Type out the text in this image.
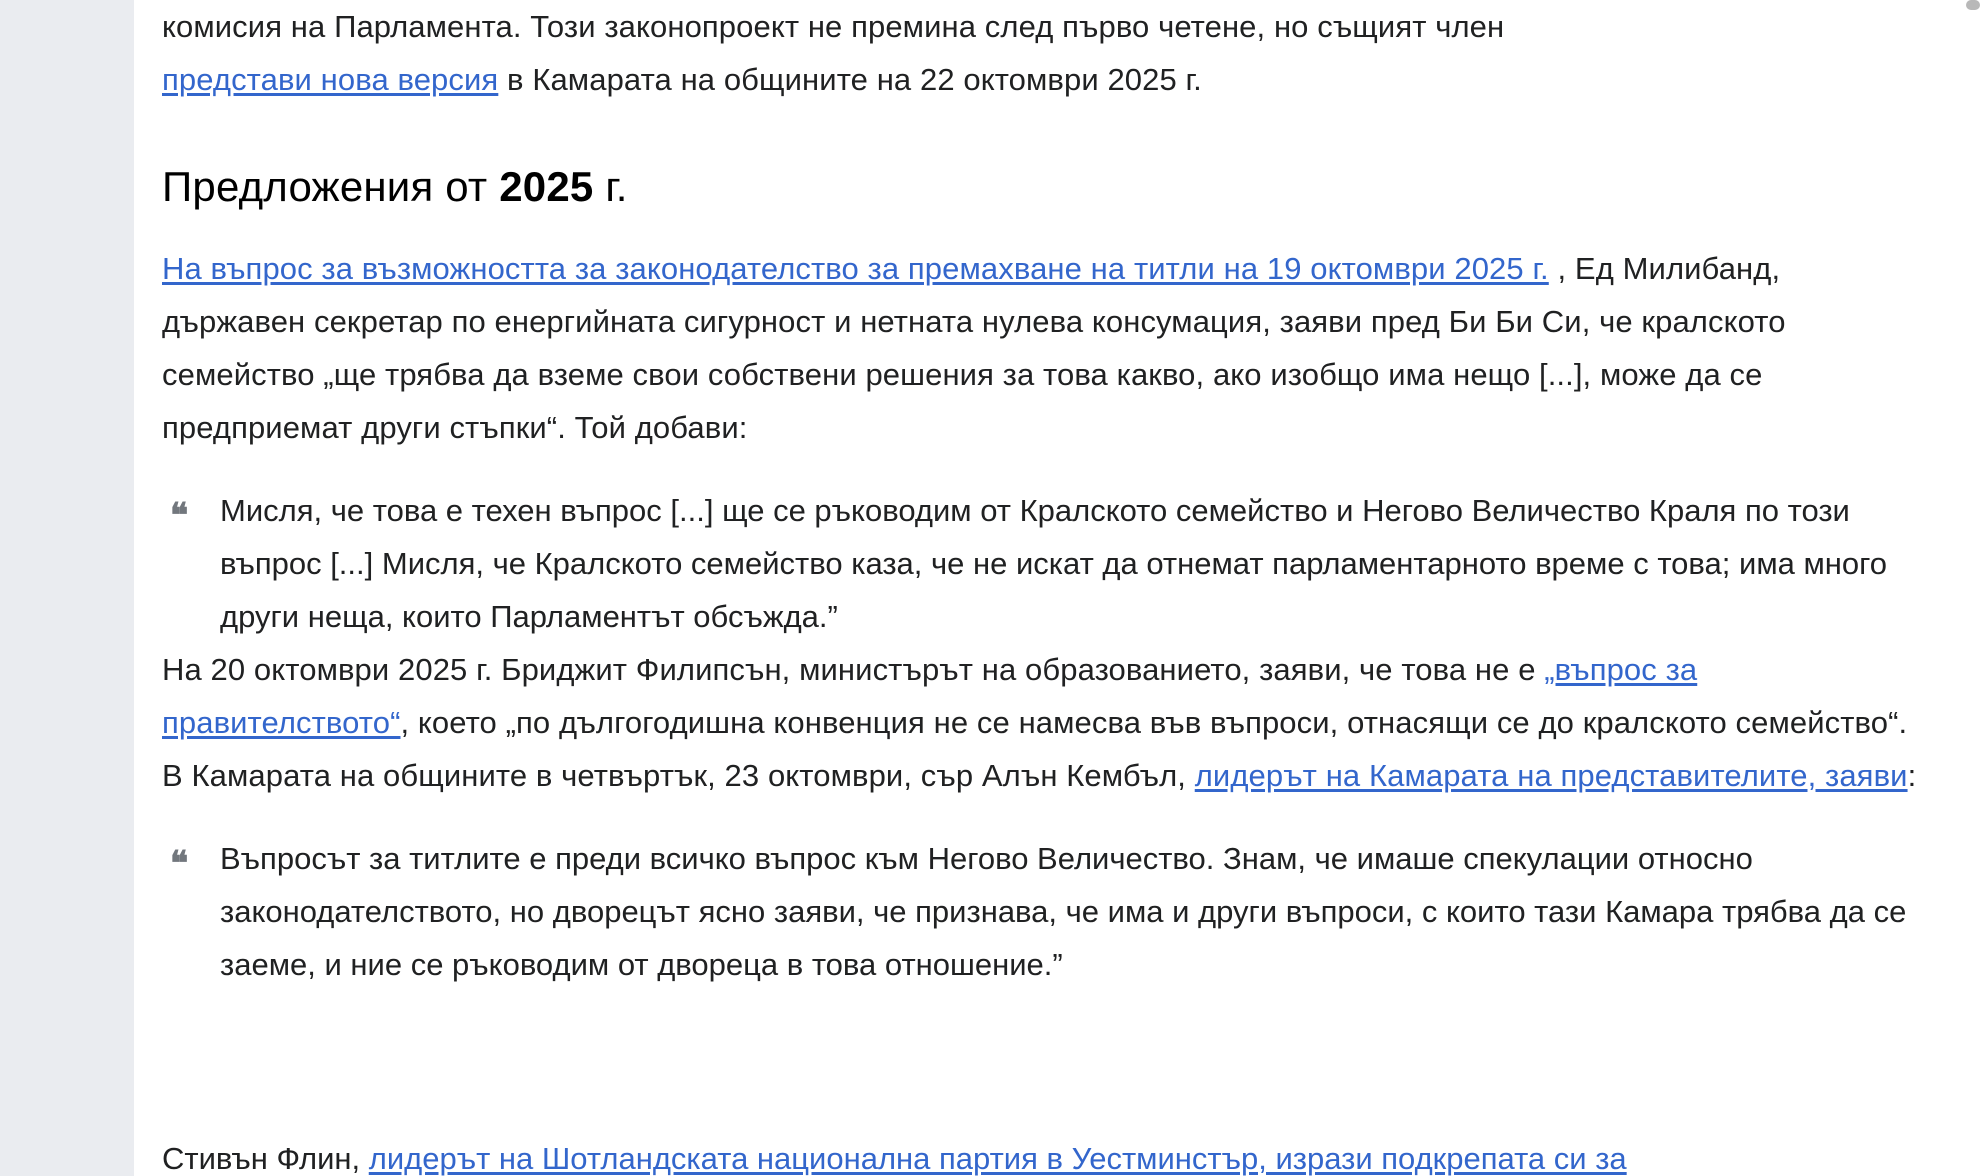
комисия на Парламента. Този законопроект не премина след първо четене, но същият член
представи нова версия в Камарата на общините на 22 октомври 2025 г.

Предложения от 2025 г.

На въпрос за възможността за законодателство за премахване на титли на 19 октомври 2025 г. , Ед Милибанд, държавен секретар по енергийната сигурност и нетната нулева консумация, заяви пред Би Би Си, че кралското семейство „ще трябва да вземе свои собствени решения за това какво, ако изобщо има нещо [...], може да се предприемат други стъпки“. Той добави:

❝ Мисля, че това е техен въпрос [...] ще се ръководим от Кралското семейство и Негово Величество Краля по този въпрос [...] Мисля, че Кралското семейство каза, че не искат да отнемат парламентарното време с това; има много други неща, които Парламентът обсъжда.”

На 20 октомври 2025 г. Бриджит Филипсън, министърът на образованието, заяви, че това не е „въпрос за правителството“, което „по дългогодишна конвенция не се намесва във въпроси, отнасящи се до кралското семейство“. В Камарата на общините в четвъртък, 23 октомври, сър Алън Кембъл, лидерът на Камарата на представителите, заяви:

❝ Въпросът за титлите е преди всичко въпрос към Негово Величество. Знам, че имаше спекулации относно законодателството, но дворецът ясно заяви, че признава, че има и други въпроси, с които тази Камара трябва да се заеме, и ние се ръководим от двореца в това отношение.”

Стивън Флин, лидерът на Шотландската национална партия в Уестминстър, изрази подкрепата си за
